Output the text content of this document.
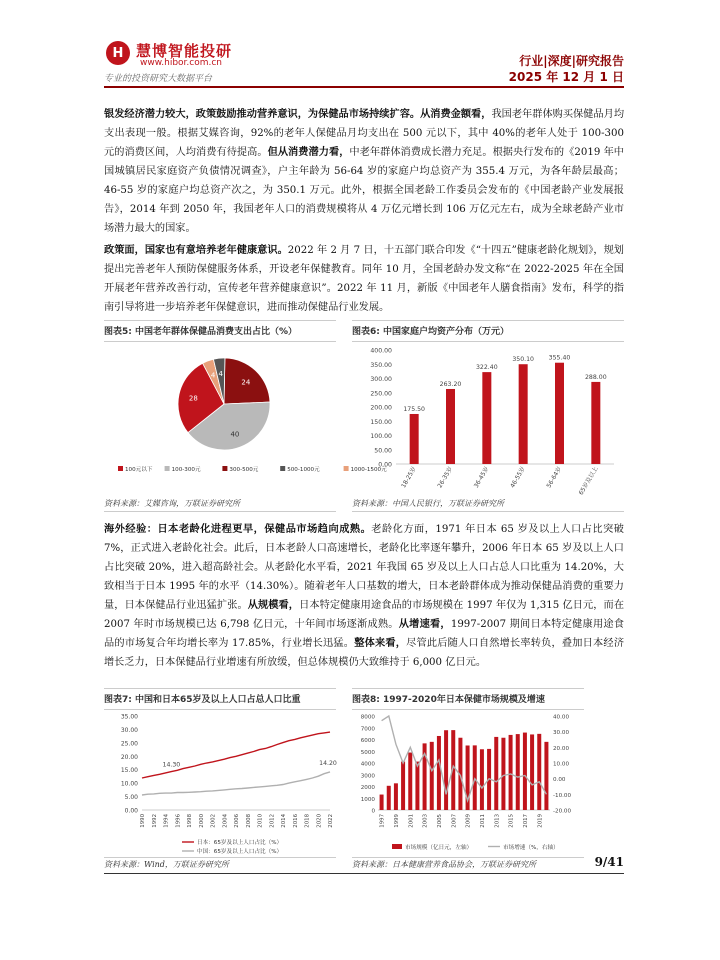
H 慧博智能投研
www.hibor.com.cn
专业的投资研究大数据平台
行业|深度|研究报告
2025 年 12 月 1 日
银发经济潜力较大，政策鼓励推动营养意识，为保健品市场持续扩容。从消费金额看，我国老年群体购买保健品月均支出表现一般。根据艾媒咨询，92%的老年人保健品月均支出在 500 元以下，其中 40%的老年人处于 100-300 元的消费区间，人均消费有待提高。但从消费潜力看，中老年群体消费成长潜力充足。根据央行发布的《2019 年中国城镇居民家庭资产负债情况调查》，户主年龄为 56-64 岁的家庭户均总资产为 355.4 万元，为各年龄层最高；46-55 岁的家庭户均总资产次之，为 350.1 万元。此外，根据全国老龄工作委员会发布的《中国老龄产业发展报告》，2014 年到 2050 年，我国老年人口的消费规模将从 4 万亿元增长到 106 万亿元左右，成为全球老龄产业市场潜力最大的国家。
政策面，国家也有意培养老年健康意识。2022 年 2 月 7 日，十五部门联合印发《“十四五”健康老龄化规划》，规划提出完善老年人预防保健服务体系，开设老年保健教育。同年 10 月，全国老龄办发文称“在 2022-2025 年在全国开展老年营养改善行动，宣传老年营养健康意识”。2022 年 11 月，新版《中国老年人膳食指南》发布，科学的指南引导将进一步培养老年保健意识，进而推动保健品行业发展。
图表5: 中国老年群体保健品消费支出占比（%）
24
40
28
4 4
100元以下	100-300元	300-500元	500-1000元	1000-1500元
资料来源：艾媒咨询，万联证券研究所
图表6: 中国家庭户均资产分布（万元）
0.00
50.00
100.00
150.00
200.00
250.00
300.00
350.00
400.00
175.50
18-25岁
263.20
26-35岁
322.40
36-45岁
350.10
46-55岁
355.40
56-64岁
288.00
65岁及以上
资料来源：中国人民银行，万联证券研究所
海外经验：日本老龄化进程更早，保健品市场趋向成熟。老龄化方面，1971 年日本 65 岁及以上人口占比突破 7%，正式进入老龄化社会。此后，日本老龄人口高速增长，老龄化比率逐年攀升，2006 年日本 65 岁及以上人口占比突破 20%，进入超高龄社会。从老龄化水平看，2021 年我国 65 岁及以上人口占总人口比重为 14.20%，大致相当于日本 1995 年的水平（14.30%）。随着老年人口基数的增大，日本老龄群体成为推动保健品消费的重要力量，日本保健品行业迅猛扩张。从规模看，日本特定健康用途食品的市场规模在 1997 年仅为 1,315 亿日元，而在 2007 年时市场规模已达 6,798 亿日元，十年间市场逐渐成熟。从增速看，1997-2007 期间日本特定健康用途食品的市场复合年均增长率为 17.85%，行业增长迅猛。整体来看，尽管此后随人口自然增长率转负，叠加日本经济增长乏力，日本保健品行业增速有所放缓，但总体规模仍大致维持于 6,000 亿日元。
图表7: 中国和日本65岁及以上人口占总人口比重
0.00
5.00
10.00
15.00
20.00
25.00
30.00
35.00
1990 1992 1994 1996 1998 2000 2002 2004 2006 2008 2010 2012 2014 2016 2018 2020 2022
14.30	14.20
日本：65岁及以上人口占比（%）
中国：65岁及以上人口占比（%）
资料来源：Wind，万联证券研究所
图表8: 1997-2020年日本保健市场规模及增速
0
1000
2000
3000
4000
5000
6000
7000
8000
-20.00
-10.00
0.00
10.00
20.00
30.00
40.00
1997 1999 2001 2003 2005 2007 2009 2011 2013 2015 2017 2019
市场规模（亿日元，左轴）	市场增速（%，右轴）
资料来源：日本健康营养食品协会，万联证券研究所	9/41
